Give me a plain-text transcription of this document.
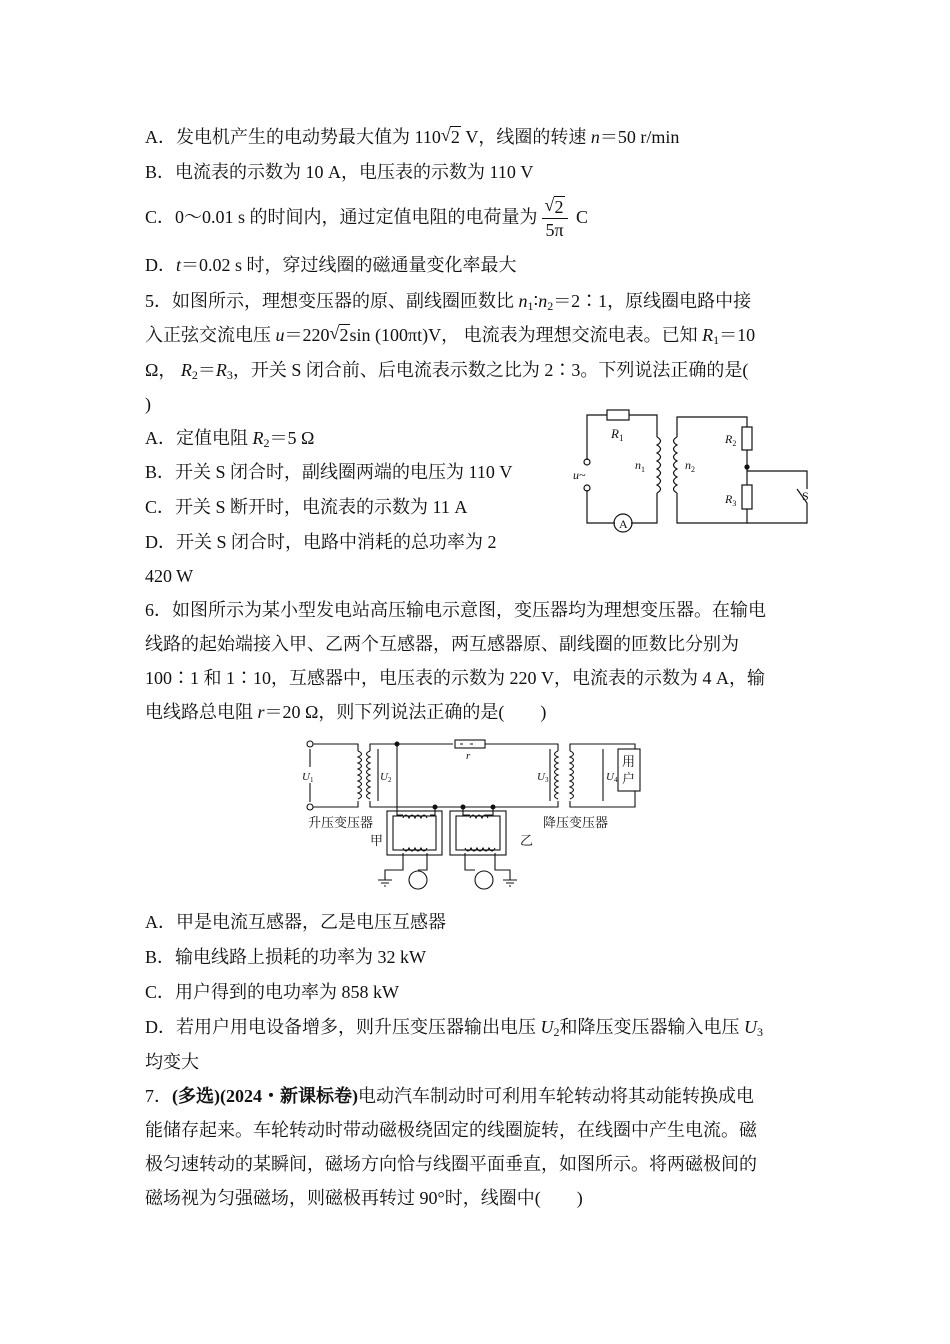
A．发电机产生的电动势最大值为 110 √ 2 V，线圈的转速 n＝50 r/min
B．电流表的示数为 10 A，电压表的示数为 110 V
C．0～0.01 s 的时间内，通过定值电阻的电荷量为 √ $\frac{2}{5\pi}$ C
D．t＝0.02 s 时，穿过线圈的磁通量变化率最大
5．如图所示，理想变压器的原、副线圈匝数比 $n_1∶n_2=2∶1$，原线圈电路中接
入正弦交流电压 u＝220 √ 2sin (100πt)V， 电流表为理想交流电表。已知 $R_1=10$
Ω， $R_2=R_3$，开关 S 闭合前、后电流表示数之比为 2∶3。下列说法正确的是(
)
A．定值电阻 $R_2=5$ Ω
B．开关 S 闭合时，副线圈两端的电压为 110 V
C．开关 S 断开时，电流表的示数为 11 A
D．开关 S 闭合时，电路中消耗的总功率为 2
420 W
$R_1$
A
u~
$n_1$	$n_2$
$R_2$
$R_3$
S
6．如图所示为某小型发电站高压输电示意图，变压器均为理想变压器。在输电
线路的起始端接入甲、乙两个互感器，两互感器原、副线圈的匝数比分别为
100∶1 和 1∶10，互感器中，电压表的示数为 220 V，电流表的示数为 4 A，输
电线路总电阻 r＝20 Ω，则下列说法正确的是(　　)
U1
r
U2	U3	U4
用
户
升压变压器	降压变压器
甲	乙
A．甲是电流互感器，乙是电压互感器
B．输电线路上损耗的功率为 32 kW
C．用户得到的电功率为 858 kW
D．若用户用电设备增多，则升压变压器输出电压 $U_2$和降压变压器输入电压 $U_3$
均变大
7．(多选)(2024・新课标卷)电动汽车制动时可利用车轮转动将其动能转换成电
能储存起来。车轮转动时带动磁极绕固定的线圈旋转，在线圈中产生电流。磁
极匀速转动的某瞬间，磁场方向恰与线圈平面垂直，如图所示。将两磁极间的
磁场视为匀强磁场，则磁极再转过 90°时，线圈中(　　)
